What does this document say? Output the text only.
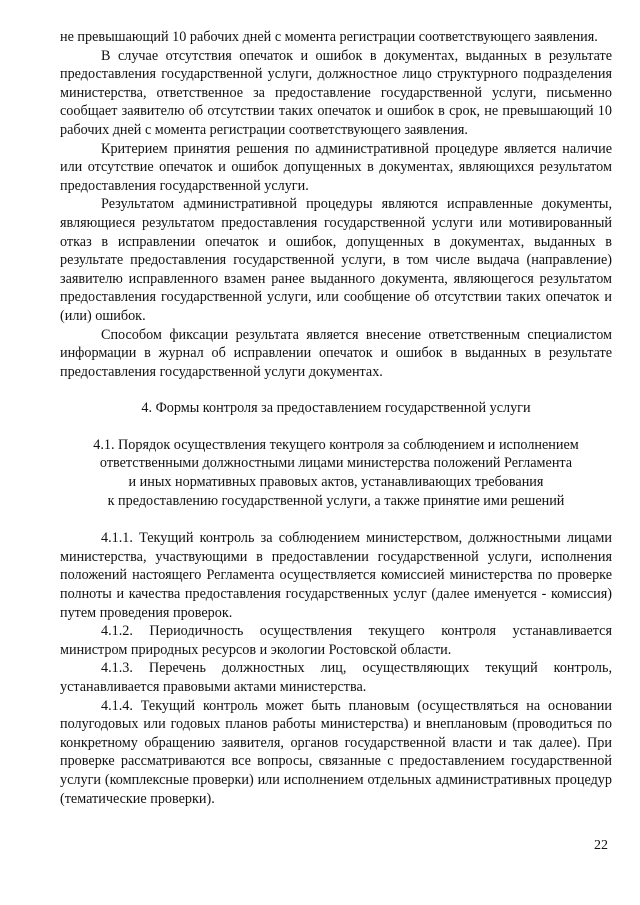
не превышающий 10 рабочих дней с момента регистрации соответствующего заявления.

В случае отсутствия опечаток и ошибок в документах, выданных в результате предоставления государственной услуги, должностное лицо структурного подразделения министерства, ответственное за предоставление государственной услуги, письменно сообщает заявителю об отсутствии таких опечаток и ошибок в срок, не превышающий 10 рабочих дней с момента регистрации соответствующего заявления.

Критерием принятия решения по административной процедуре является наличие или отсутствие опечаток и ошибок допущенных в документах, являющихся результатом предоставления государственной услуги.

Результатом административной процедуры являются исправленные документы, являющиеся результатом предоставления государственной услуги или мотивированный отказ в исправлении опечаток и ошибок, допущенных в документах, выданных в результате предоставления государственной услуги, в том числе выдача (направление) заявителю исправленного взамен ранее выданного документа, являющегося результатом предоставления государственной услуги, или сообщение об отсутствии таких опечаток и (или) ошибок.

Способом фиксации результата является внесение ответственным специалистом информации в журнал об исправлении опечаток и ошибок в выданных в результате предоставления государственной услуги документах.

4. Формы контроля за предоставлением государственной услуги

4.1. Порядок осуществления текущего контроля за соблюдением и исполнением
ответственными должностными лицами министерства положений Регламента
и иных нормативных правовых актов, устанавливающих требования
к предоставлению государственной услуги, а также принятие ими решений

4.1.1. Текущий контроль за соблюдением министерством, должностными лицами министерства, участвующими в предоставлении государственной услуги, исполнения положений настоящего Регламента осуществляется комиссией министерства по проверке полноты и качества предоставления государственных услуг (далее именуется - комиссия) путем проведения проверок.

4.1.2. Периодичность осуществления текущего контроля устанавливается министром природных ресурсов и экологии Ростовской области.

4.1.3. Перечень должностных лиц, осуществляющих текущий контроль, устанавливается правовыми актами министерства.

4.1.4. Текущий контроль может быть плановым (осуществляться на основании полугодовых или годовых планов работы министерства) и внеплановым (проводиться по конкретному обращению заявителя, органов государственной власти и так далее). При проверке рассматриваются все вопросы, связанные с предоставлением государственной услуги (комплексные проверки) или исполнением отдельных административных процедур (тематические проверки).

22
